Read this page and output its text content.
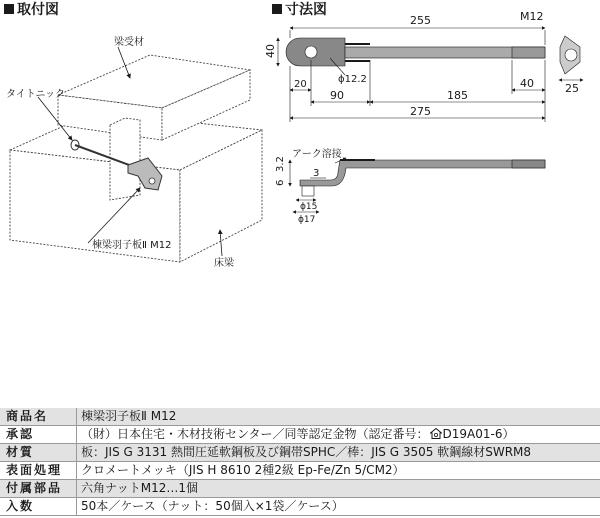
取付図	寸法図
梁受材
タイトニック
棟梁羽子板Ⅱ M12
床梁
255	M12
40
ϕ12.2
20
90	185
40
275
25
アーク溶接
3.2
6
3
ϕ15
ϕ17
商品名	棟梁羽子板Ⅱ M12
承認	（財）日本住宅・木材技術センター／同等認定金物（認定番号： D19A01-6）
材質	板：JIS G 3131 熱間圧延軟鋼板及び鋼帯SPHC／棒：JIS G 3505 軟鋼線材SWRM8
表面処理	クロメートメッキ（JIS H 8610 2種2級 Ep-Fe/Zn 5/CM2）
付属部品	六角ナットM12…1個
入数	50本／ケース（ナット：50個入×1袋／ケース）
